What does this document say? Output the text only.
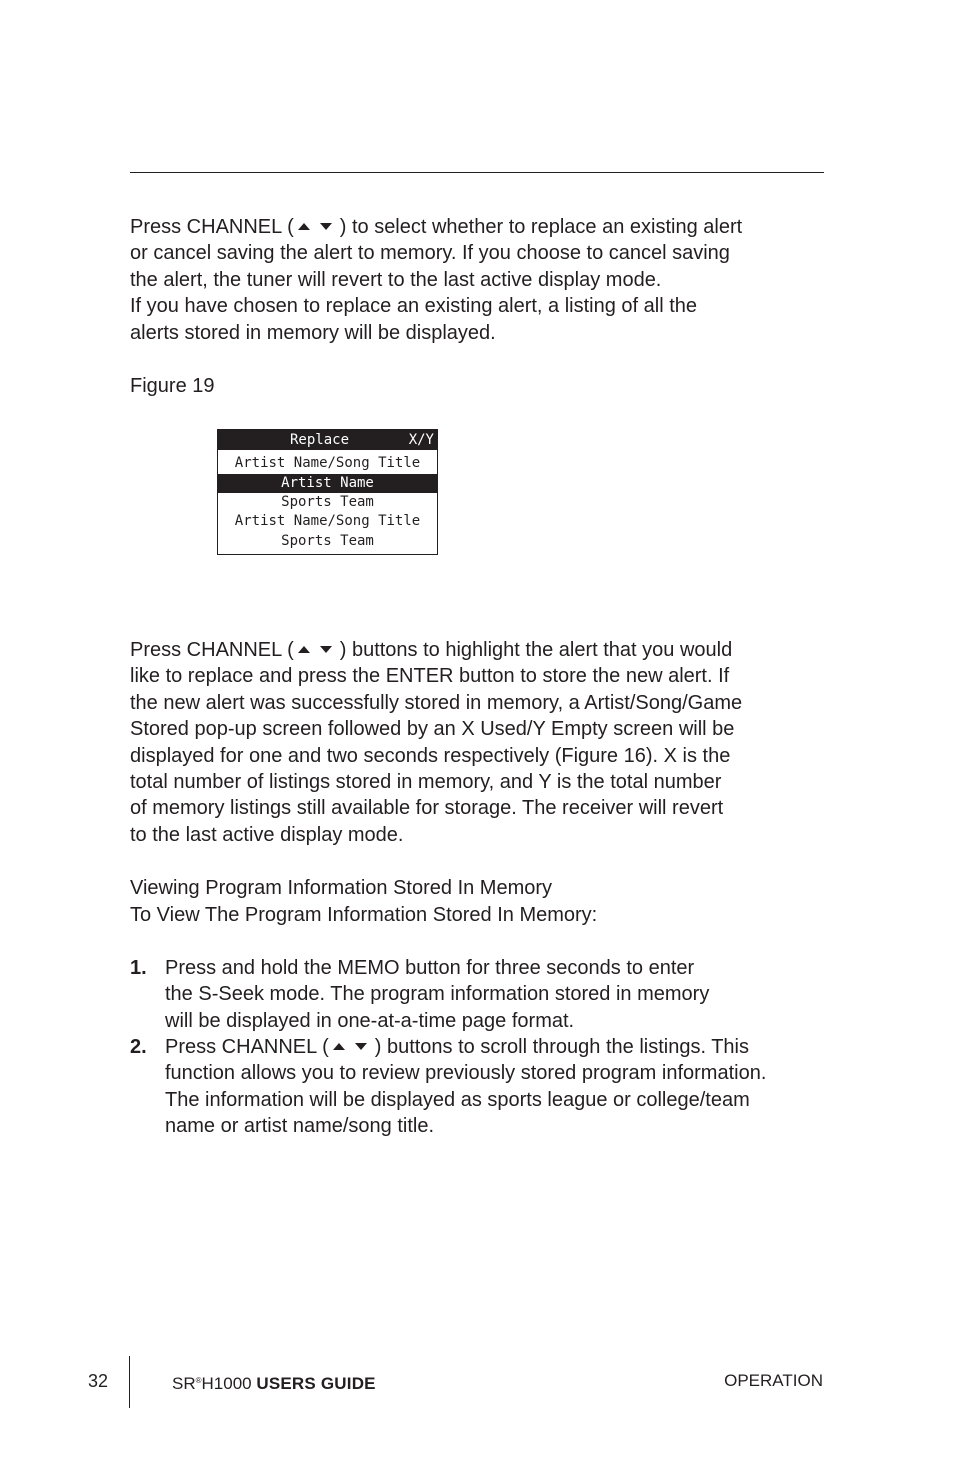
Press CHANNEL ( ) to select whether to replace an existing alert
or cancel saving the alert to memory. If you choose to cancel saving
the alert, the tuner will revert to the last active display mode.
If you have chosen to replace an existing alert, a listing of all the
alerts stored in memory will be displayed.

Figure 19

Replace	X/Y
Artist Name/Song Title
Artist Name
Sports Team
Artist Name/Song Title
Sports Team

Press CHANNEL ( ) buttons to highlight the alert that you would
like to replace and press the ENTER button to store the new alert. If
the new alert was successfully stored in memory, a Artist/Song/Game
Stored pop-up screen followed by an X Used/Y Empty screen will be
displayed for one and two seconds respectively (Figure 16). X is the
total number of listings stored in memory, and Y is the total number
of memory listings still available for storage. The receiver will revert
to the last active display mode.

Viewing Program Information Stored In Memory

To View The Program Information Stored In Memory:

1. Press and hold the MEMO button for three seconds to enter
the S-Seek mode. The program information stored in memory
will be displayed in one-at-a-time page format.
2. Press CHANNEL ( ) buttons to scroll through the listings. This
function allows you to review previously stored program information.
The information will be displayed as sports league or college/team
name or artist name/song title.
32	SR®H1000 USERS GUIDE	OPERATION
